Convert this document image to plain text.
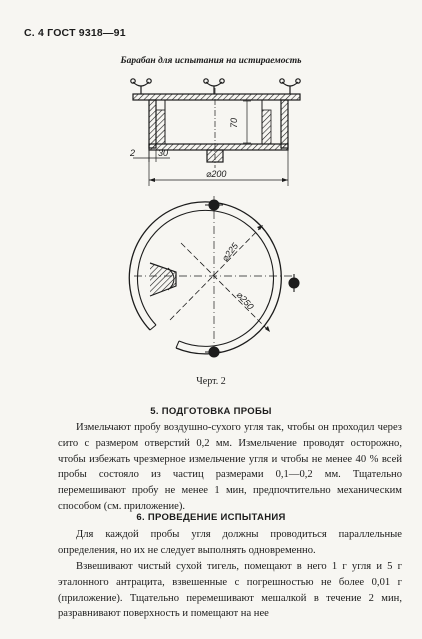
С. 4 ГОСТ 9318—91
Барабан для испытания на истираемость
70
2	30
⌀200
⌀225
⌀250
Черт. 2
5. ПОДГОТОВКА ПРОБЫ

Измельчают пробу воздушно-сухого угля так, чтобы он проходил через сито с размером отверстий 0,2 мм. Измельчение проводят осторожно, чтобы избежать чрезмерное измельчение угля и чтобы не менее 40 % всей пробы состояло из частиц размерами 0,1—0,2 мм. Тщательно перемешивают пробу не менее 1 мин, предпочтительно механическим способом (см. приложение).

6. ПРОВЕДЕНИЕ ИСПЫТАНИЯ

Для каждой пробы угля должны проводиться параллельные определения, но их не следует выполнять одновременно.

Взвешивают чистый сухой тигель, помещают в него 1 г угля и 5 г эталонного антрацита, взвешенные с погрешностью не более 0,01 г (приложение). Тщательно перемешивают мешалкой в течение 2 мин, разравнивают поверхность и помещают на нее
